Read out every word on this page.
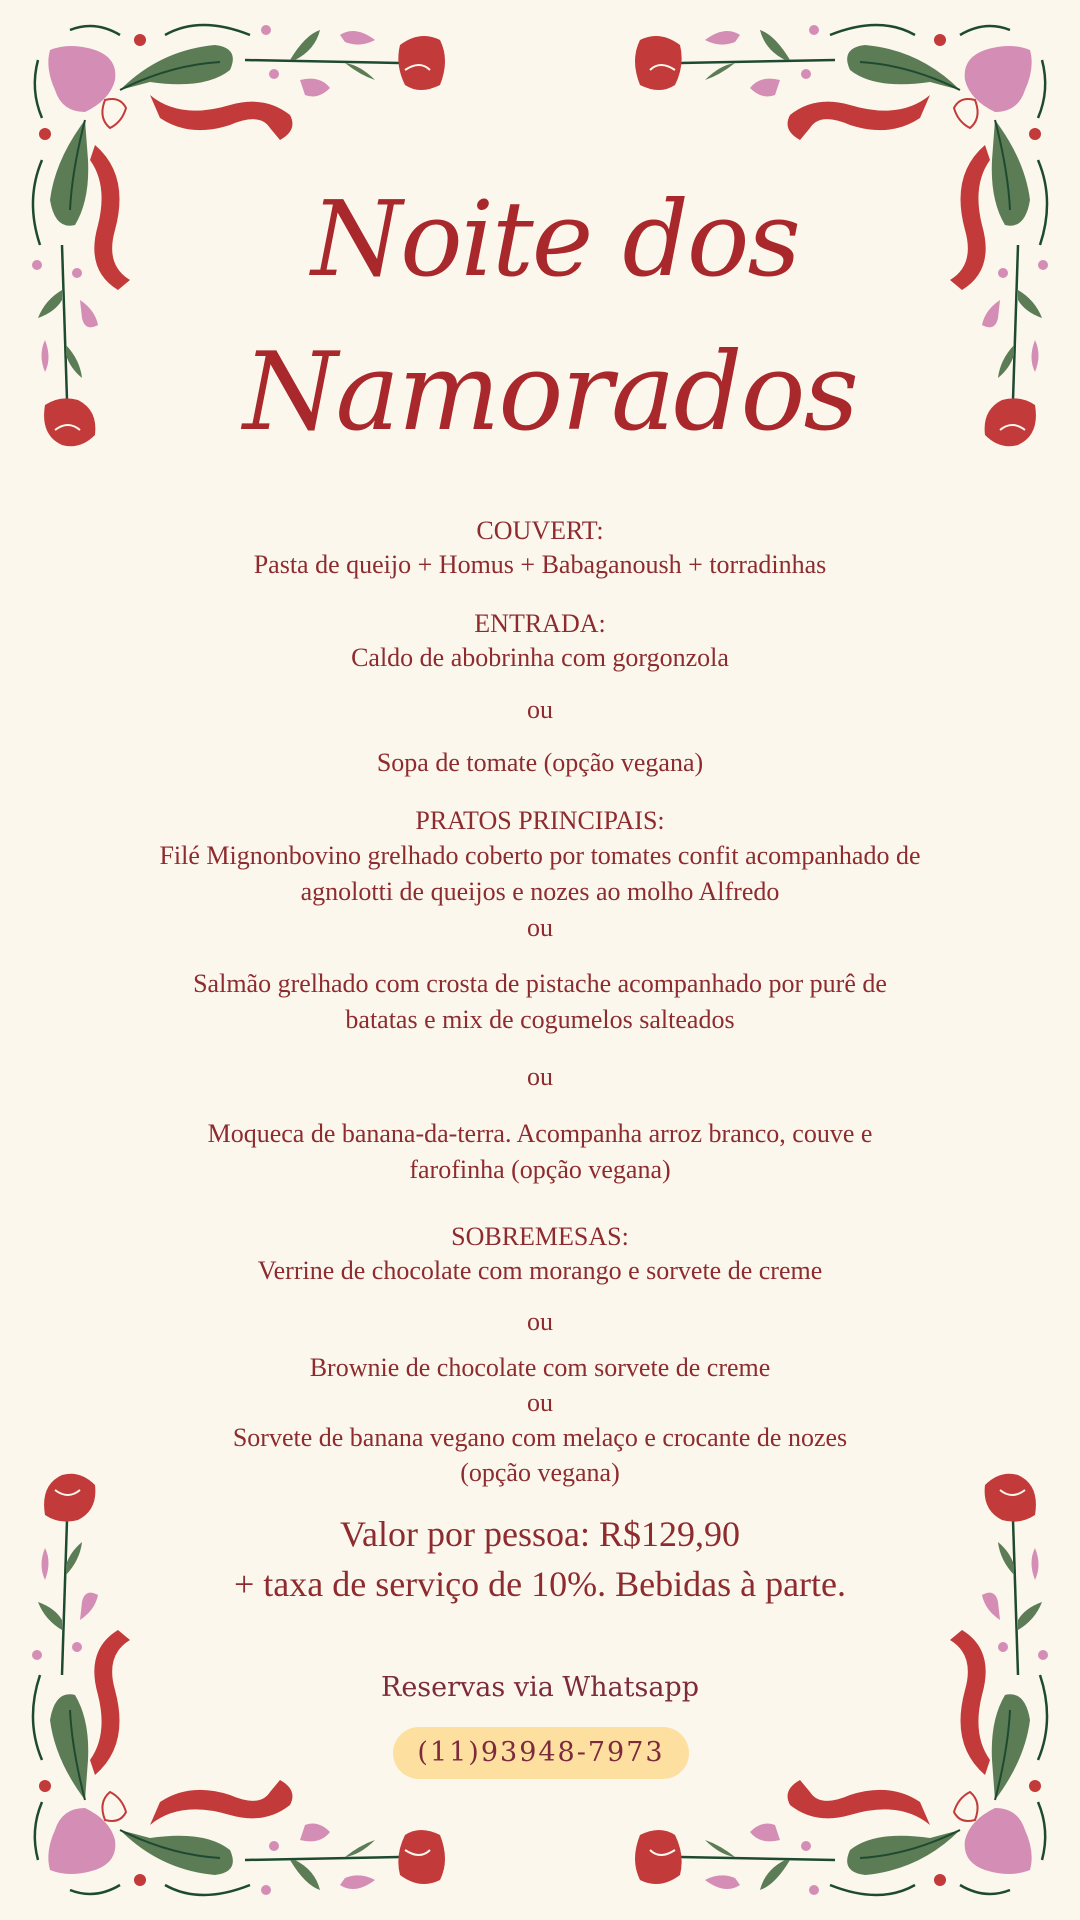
Noite dos
Namorados
COUVERT:
Pasta de queijo + Homus + Babaganoush + torradinhas
ENTRADA:
Caldo de abobrinha com gorgonzola
ou
Sopa de tomate (opção vegana)
PRATOS PRINCIPAIS:
Filé Mignonbovino grelhado coberto por tomates confit acompanhado de
agnolotti de queijos e nozes ao molho Alfredo
ou
Salmão grelhado com crosta de pistache acompanhado por purê de
batatas e mix de cogumelos salteados
ou
Moqueca de banana-da-terra. Acompanha arroz branco, couve e
farofinha (opção vegana)
SOBREMESAS:
Verrine de chocolate com morango e sorvete de creme
ou
Brownie de chocolate com sorvete de creme
ou
Sorvete de banana vegano com melaço e crocante de nozes
(opção vegana)
Valor por pessoa: R$129,90
+ taxa de serviço de 10%. Bebidas à parte.
Reservas via Whatsapp
(11)93948-7973
